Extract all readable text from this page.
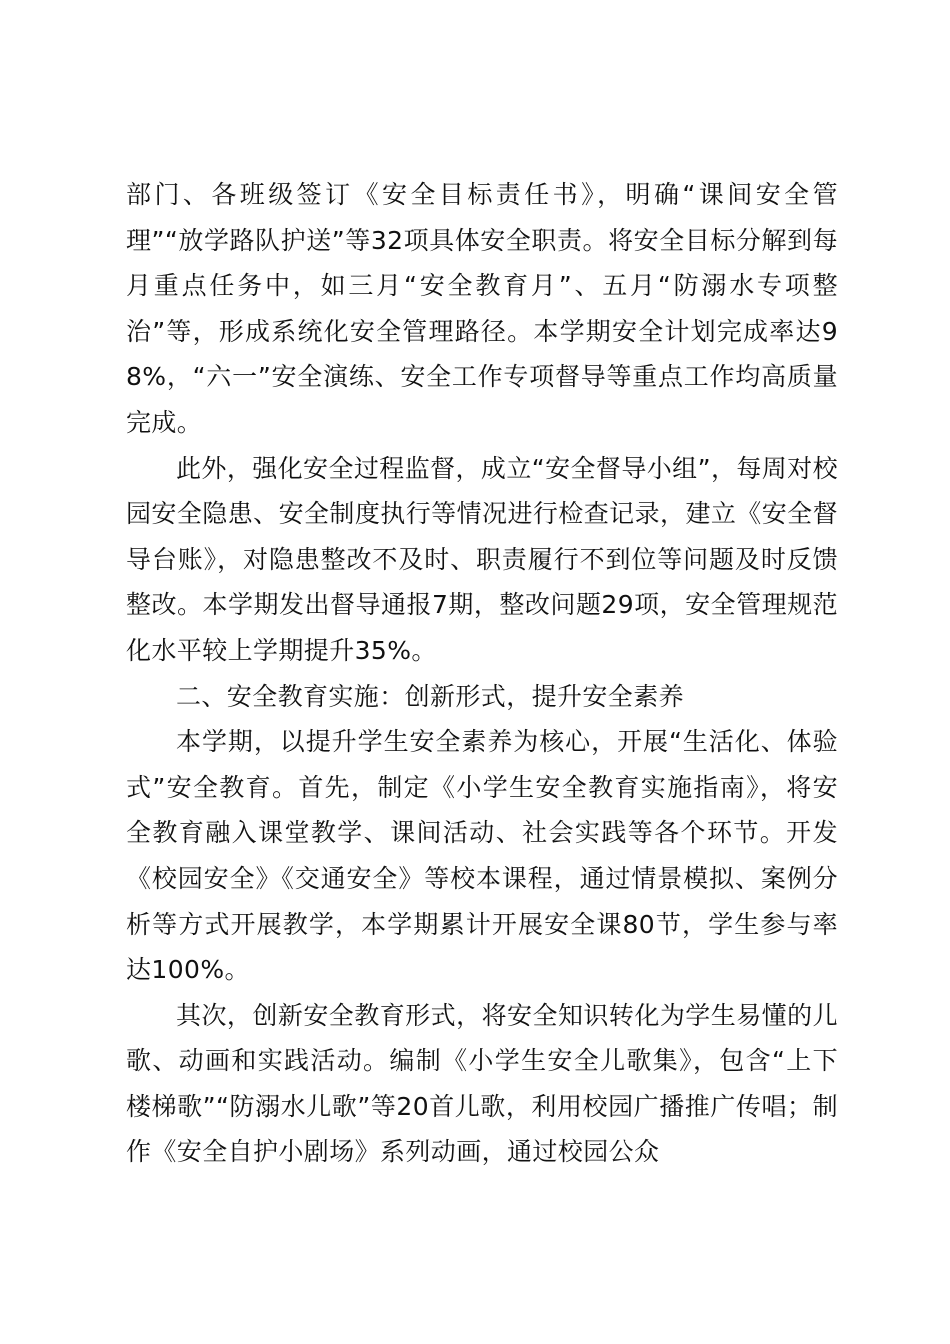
部门、各班级签订《安全目标责任书》，明确“课间安全管理”“放学路队护送”等32项具体安全职责。将安全目标分解到每月重点任务中，如三月“安全教育月”、五月“防溺水专项整治”等，形成系统化安全管理路径。本学期安全计划完成率达98%，“六一”安全演练、安全工作专项督导等重点工作均高质量完成。

此外，强化安全过程监督，成立“安全督导小组”，每周对校园安全隐患、安全制度执行等情况进行检查记录，建立《安全督导台账》，对隐患整改不及时、职责履行不到位等问题及时反馈整改。本学期发出督导通报7期，整改问题29项，安全管理规范化水平较上学期提升35%。

二、安全教育实施：创新形式，提升安全素养

本学期，以提升学生安全素养为核心，开展“生活化、体验式”安全教育。首先，制定《小学生安全教育实施指南》，将安全教育融入课堂教学、课间活动、社会实践等各个环节。开发《校园安全》《交通安全》等校本课程，通过情景模拟、案例分析等方式开展教学，本学期累计开展安全课80节，学生参与率达100%。

其次，创新安全教育形式，将安全知识转化为学生易懂的儿歌、动画和实践活动。编制《小学生安全儿歌集》，包含“上下楼梯歌”“防溺水儿歌”等20首儿歌，利用校园广播推广传唱；制作《安全自护小剧场》系列动画，通过校园公众
